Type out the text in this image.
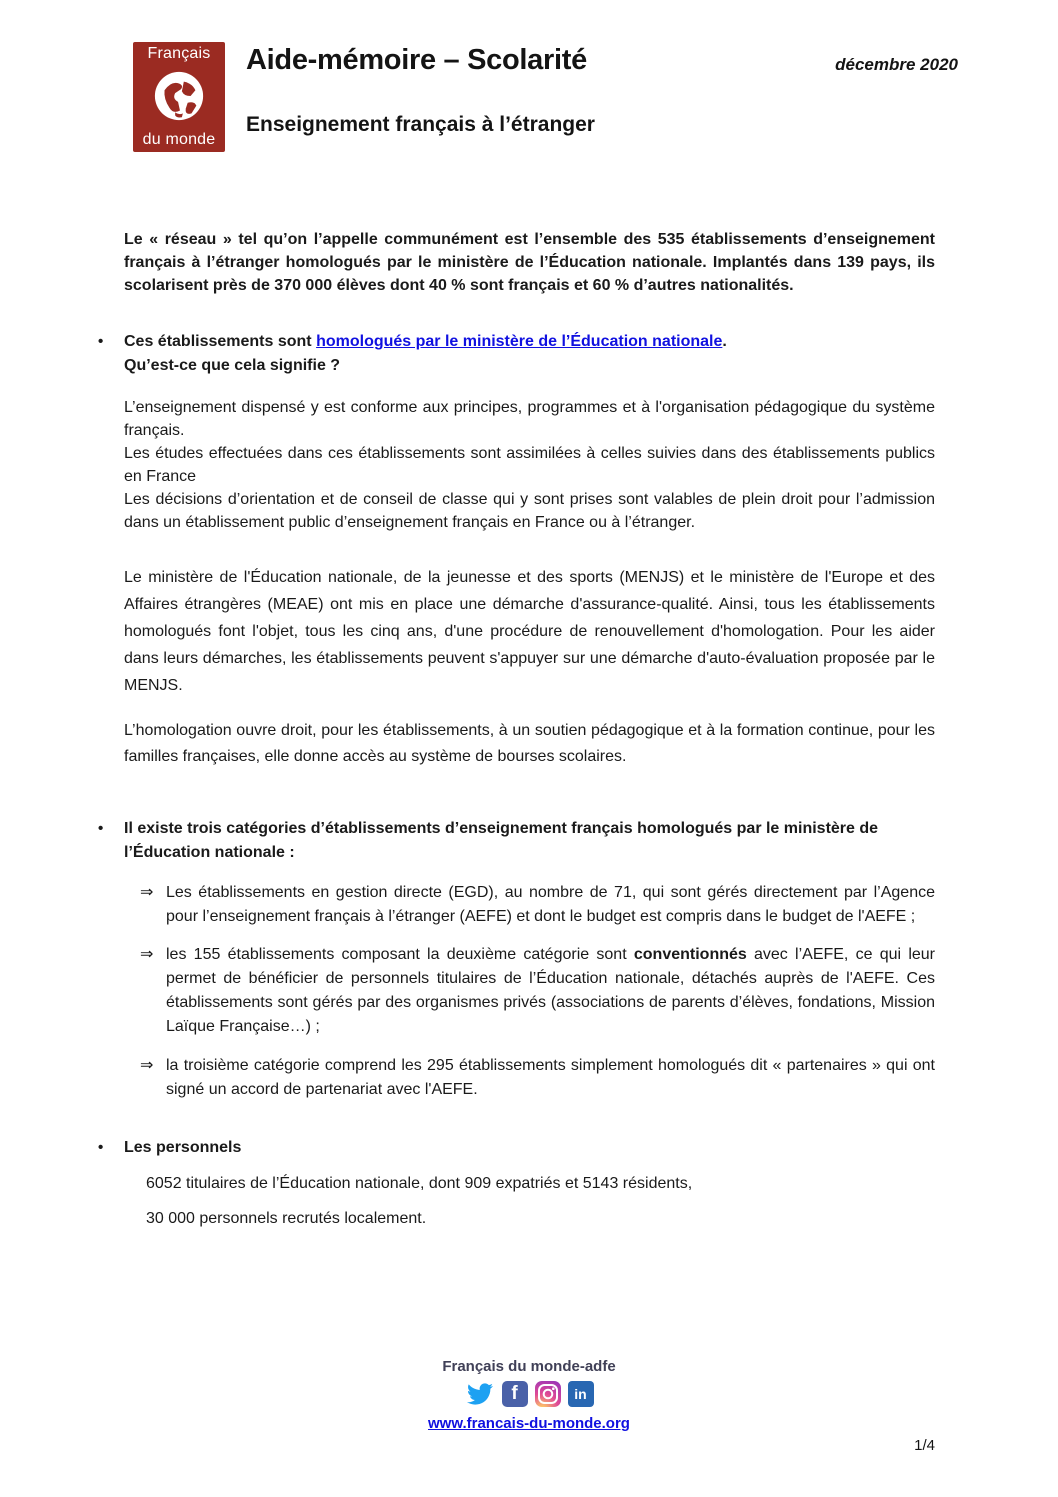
Français
du monde
Aide-mémoire – Scolarité	décembre 2020
Enseignement français à l’étranger

Le « réseau » tel qu’on l’appelle communément est l’ensemble des 535 établissements d’enseignement français à l’étranger homologués par le ministère de l’Éducation nationale. Implantés dans 139 pays, ils scolarisent près de 370 000 élèves dont 40 % sont français et 60 % d’autres nationalités.

•	Ces établissements sont homologués par le ministère de l’Éducation nationale.
Qu’est-ce que cela signifie ?

L’enseignement dispensé y est conforme aux principes, programmes et à l'organisation pédagogique du système français.

Les études effectuées dans ces établissements sont assimilées à celles suivies dans des établissements publics en France

Les décisions d’orientation et de conseil de classe qui y sont prises sont valables de plein droit pour l’admission dans un établissement public d’enseignement français en France ou à l’étranger.

Le ministère de l'Éducation nationale, de la jeunesse et des sports (MENJS) et le ministère de l'Europe et des Affaires étrangères (MEAE) ont mis en place une démarche d'assurance-qualité. Ainsi, tous les établissements homologués font l'objet, tous les cinq ans, d'une procédure de renouvellement d'homologation. Pour les aider dans leurs démarches, les établissements peuvent s'appuyer sur une démarche d'auto-évaluation proposée par le MENJS.

L’homologation ouvre droit, pour les établissements, à un soutien pédagogique et à la formation continue, pour les familles françaises, elle donne accès au système de bourses scolaires.

•	Il existe trois catégories d’établissements d’enseignement français homologués par le ministère de l’Éducation nationale :
⇒ Les établissements en gestion directe (EGD), au nombre de 71, qui sont gérés directement par l’Agence pour l’enseignement français à l’étranger (AEFE) et dont le budget est compris dans le budget de l'AEFE ;
⇒ les 155 établissements composant la deuxième catégorie sont conventionnés avec l’AEFE, ce qui leur permet de bénéficier de personnels titulaires de l’Éducation nationale, détachés auprès de l'AEFE. Ces établissements sont gérés par des organismes privés (associations de parents d’élèves, fondations, Mission Laïque Française…) ;
⇒ la troisième catégorie comprend les 295 établissements simplement homologués dit « partenaires » qui ont signé un accord de partenariat avec l'AEFE.
•	Les personnels
6052 titulaires de l’Éducation nationale, dont 909 expatriés et 5143 résidents,
30 000 personnels recrutés localement.
Français du monde-adfe
f	in
www.francais-du-monde.org
1/4
